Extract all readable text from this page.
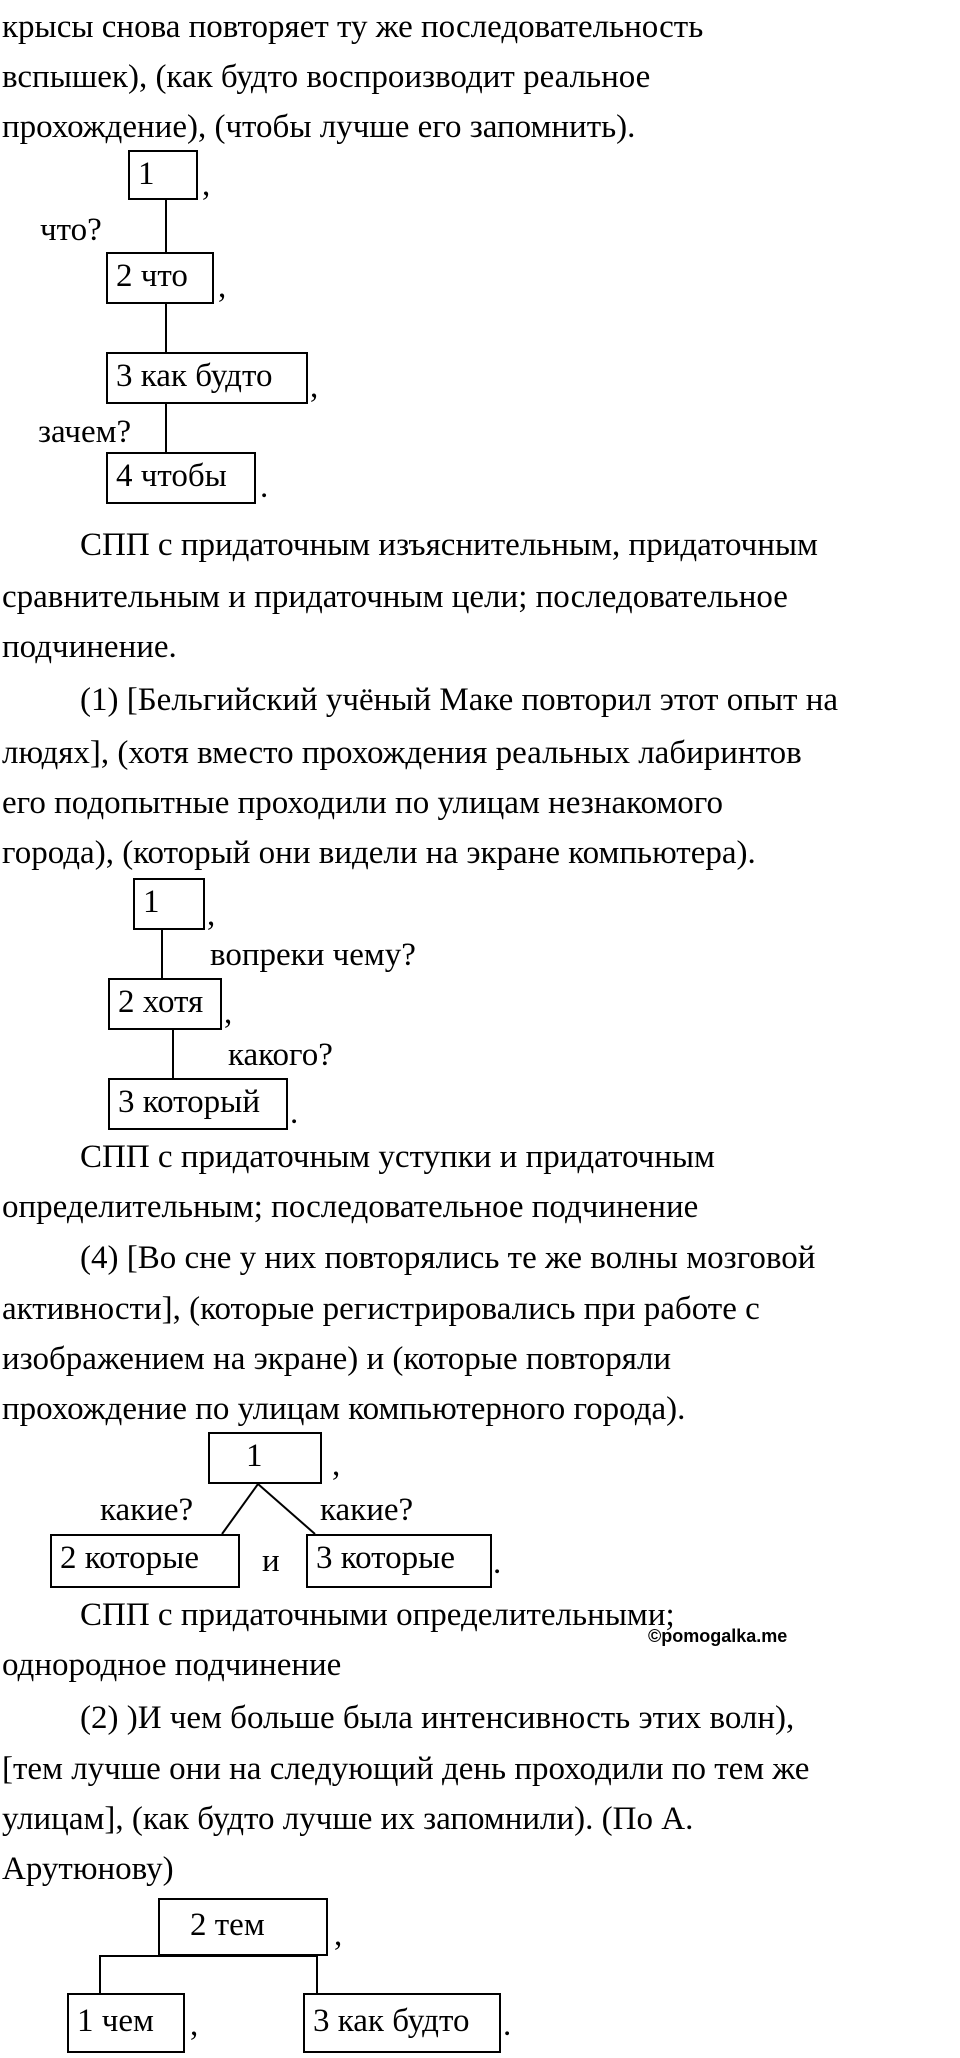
крысы снова повторяет ту же последовательность
вспышек), (как будто воспроизводит реальное
прохождение), (чтобы лучше его запомнить).
1	,
что?
2 что ,
3 как будто	,
зачем?
4 чтобы	.
СПП с придаточным изъяснительным, придаточным
сравнительным и придаточным цели; последовательное
подчинение.
(1) [Бельгийский учёный Маке повторил этот опыт на
людях], (хотя вместо прохождения реальных лабиринтов
его подопытные проходили по улицам незнакомого
города), (который они видели на экране компьютера).
1	,
вопреки чему?
2 хотя ,
какого?
3 который .
СПП с придаточным уступки и придаточным
определительным; последовательное подчинение
(4) [Во сне у них повторялись те же волны мозговой
активности], (которые регистрировались при работе с
изображением на экране) и (которые повторяли
прохождение по улицам компьютерного города).
1	,
какие?	какие?
2 которые	и	3 которые	.
СПП с придаточными определительными;
©pomogalka.me
однородное подчинение
(2) )И чем больше была интенсивность этих волн),
[тем лучше они на следующий день проходили по тем же
улицам], (как будто лучше их запомнили). (По А.
Арутюнову)
2 тем	,
1 чем	,	3 как будто	.
